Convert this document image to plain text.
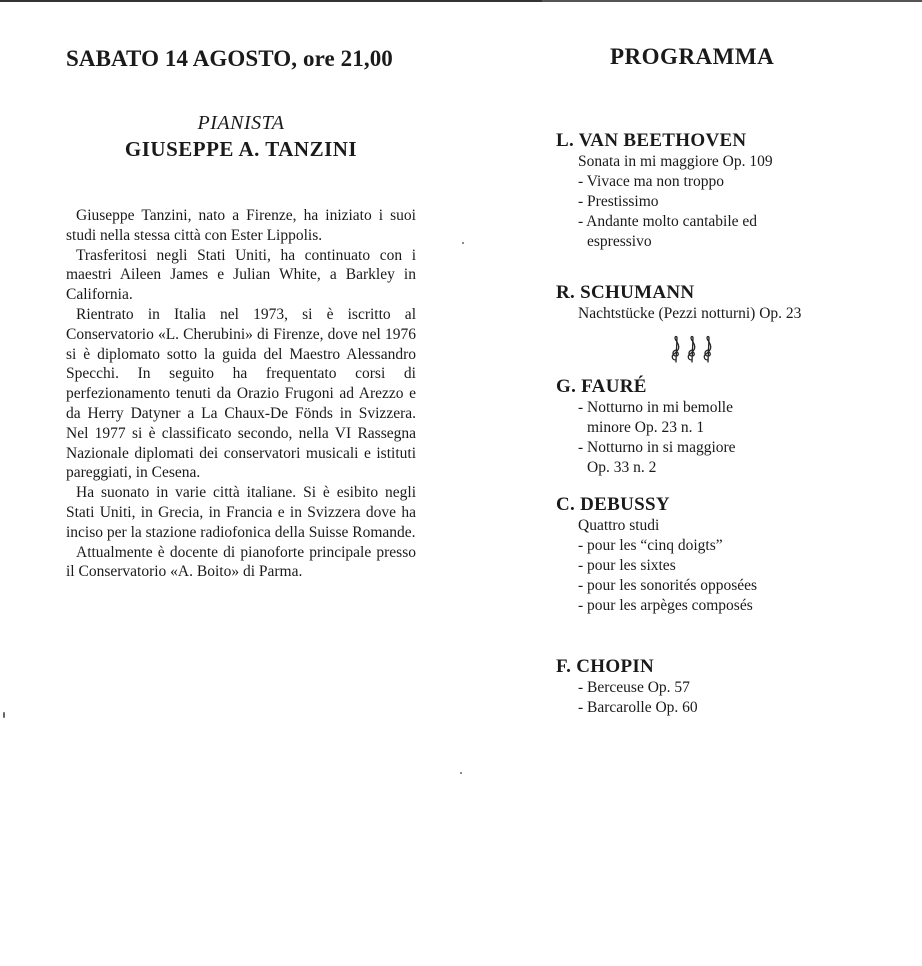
SABATO 14 AGOSTO, ore 21,00
PIANISTA
GIUSEPPE A. TANZINI

Giuseppe Tanzini, nato a Firenze, ha iniziato i suoi studi nella stessa città con Ester Lippolis.

Trasferitosi negli Stati Uniti, ha continuato con i maestri Aileen James e Julian White, a Barkley in California.

Rientrato in Italia nel 1973, si è iscritto al Conservatorio «L. Cherubini» di Firenze, dove nel 1976 si è diplomato sotto la guida del Maestro Alessandro Specchi. In seguito ha frequentato corsi di perfezionamento tenuti da Orazio Frugoni ad Arezzo e da Herry Datyner a La Chaux-De Fönds in Svizzera. Nel 1977 si è classificato secondo, nella VI Rassegna Nazionale diplomati dei conservatori musicali e istituti pareggiati, in Cesena.

Ha suonato in varie città italiane. Si è esibito negli Stati Uniti, in Grecia, in Francia e in Svizzera dove ha inciso per la stazione radiofonica della Suisse Romande.

Attualmente è docente di pianoforte principale presso il Conservatorio «A. Boito» di Parma.

PROGRAMMA
L. VAN BEETHOVEN
Sonata in mi maggiore Op. 109
- Vivace ma non troppo
- Prestissimo
- Andante molto cantabile ed
espressivo
R. SCHUMANN
Nachtstücke (Pezzi notturni) Op. 23
G. FAURÉ
- Notturno in mi bemolle
minore Op. 23 n. 1
- Notturno in si maggiore
Op. 33 n. 2
C. DEBUSSY
Quattro studi
- pour les “cinq doigts”
- pour les sixtes
- pour les sonorités opposées
- pour les arpèges composés
F. CHOPIN
- Berceuse Op. 57
- Barcarolle Op. 60
